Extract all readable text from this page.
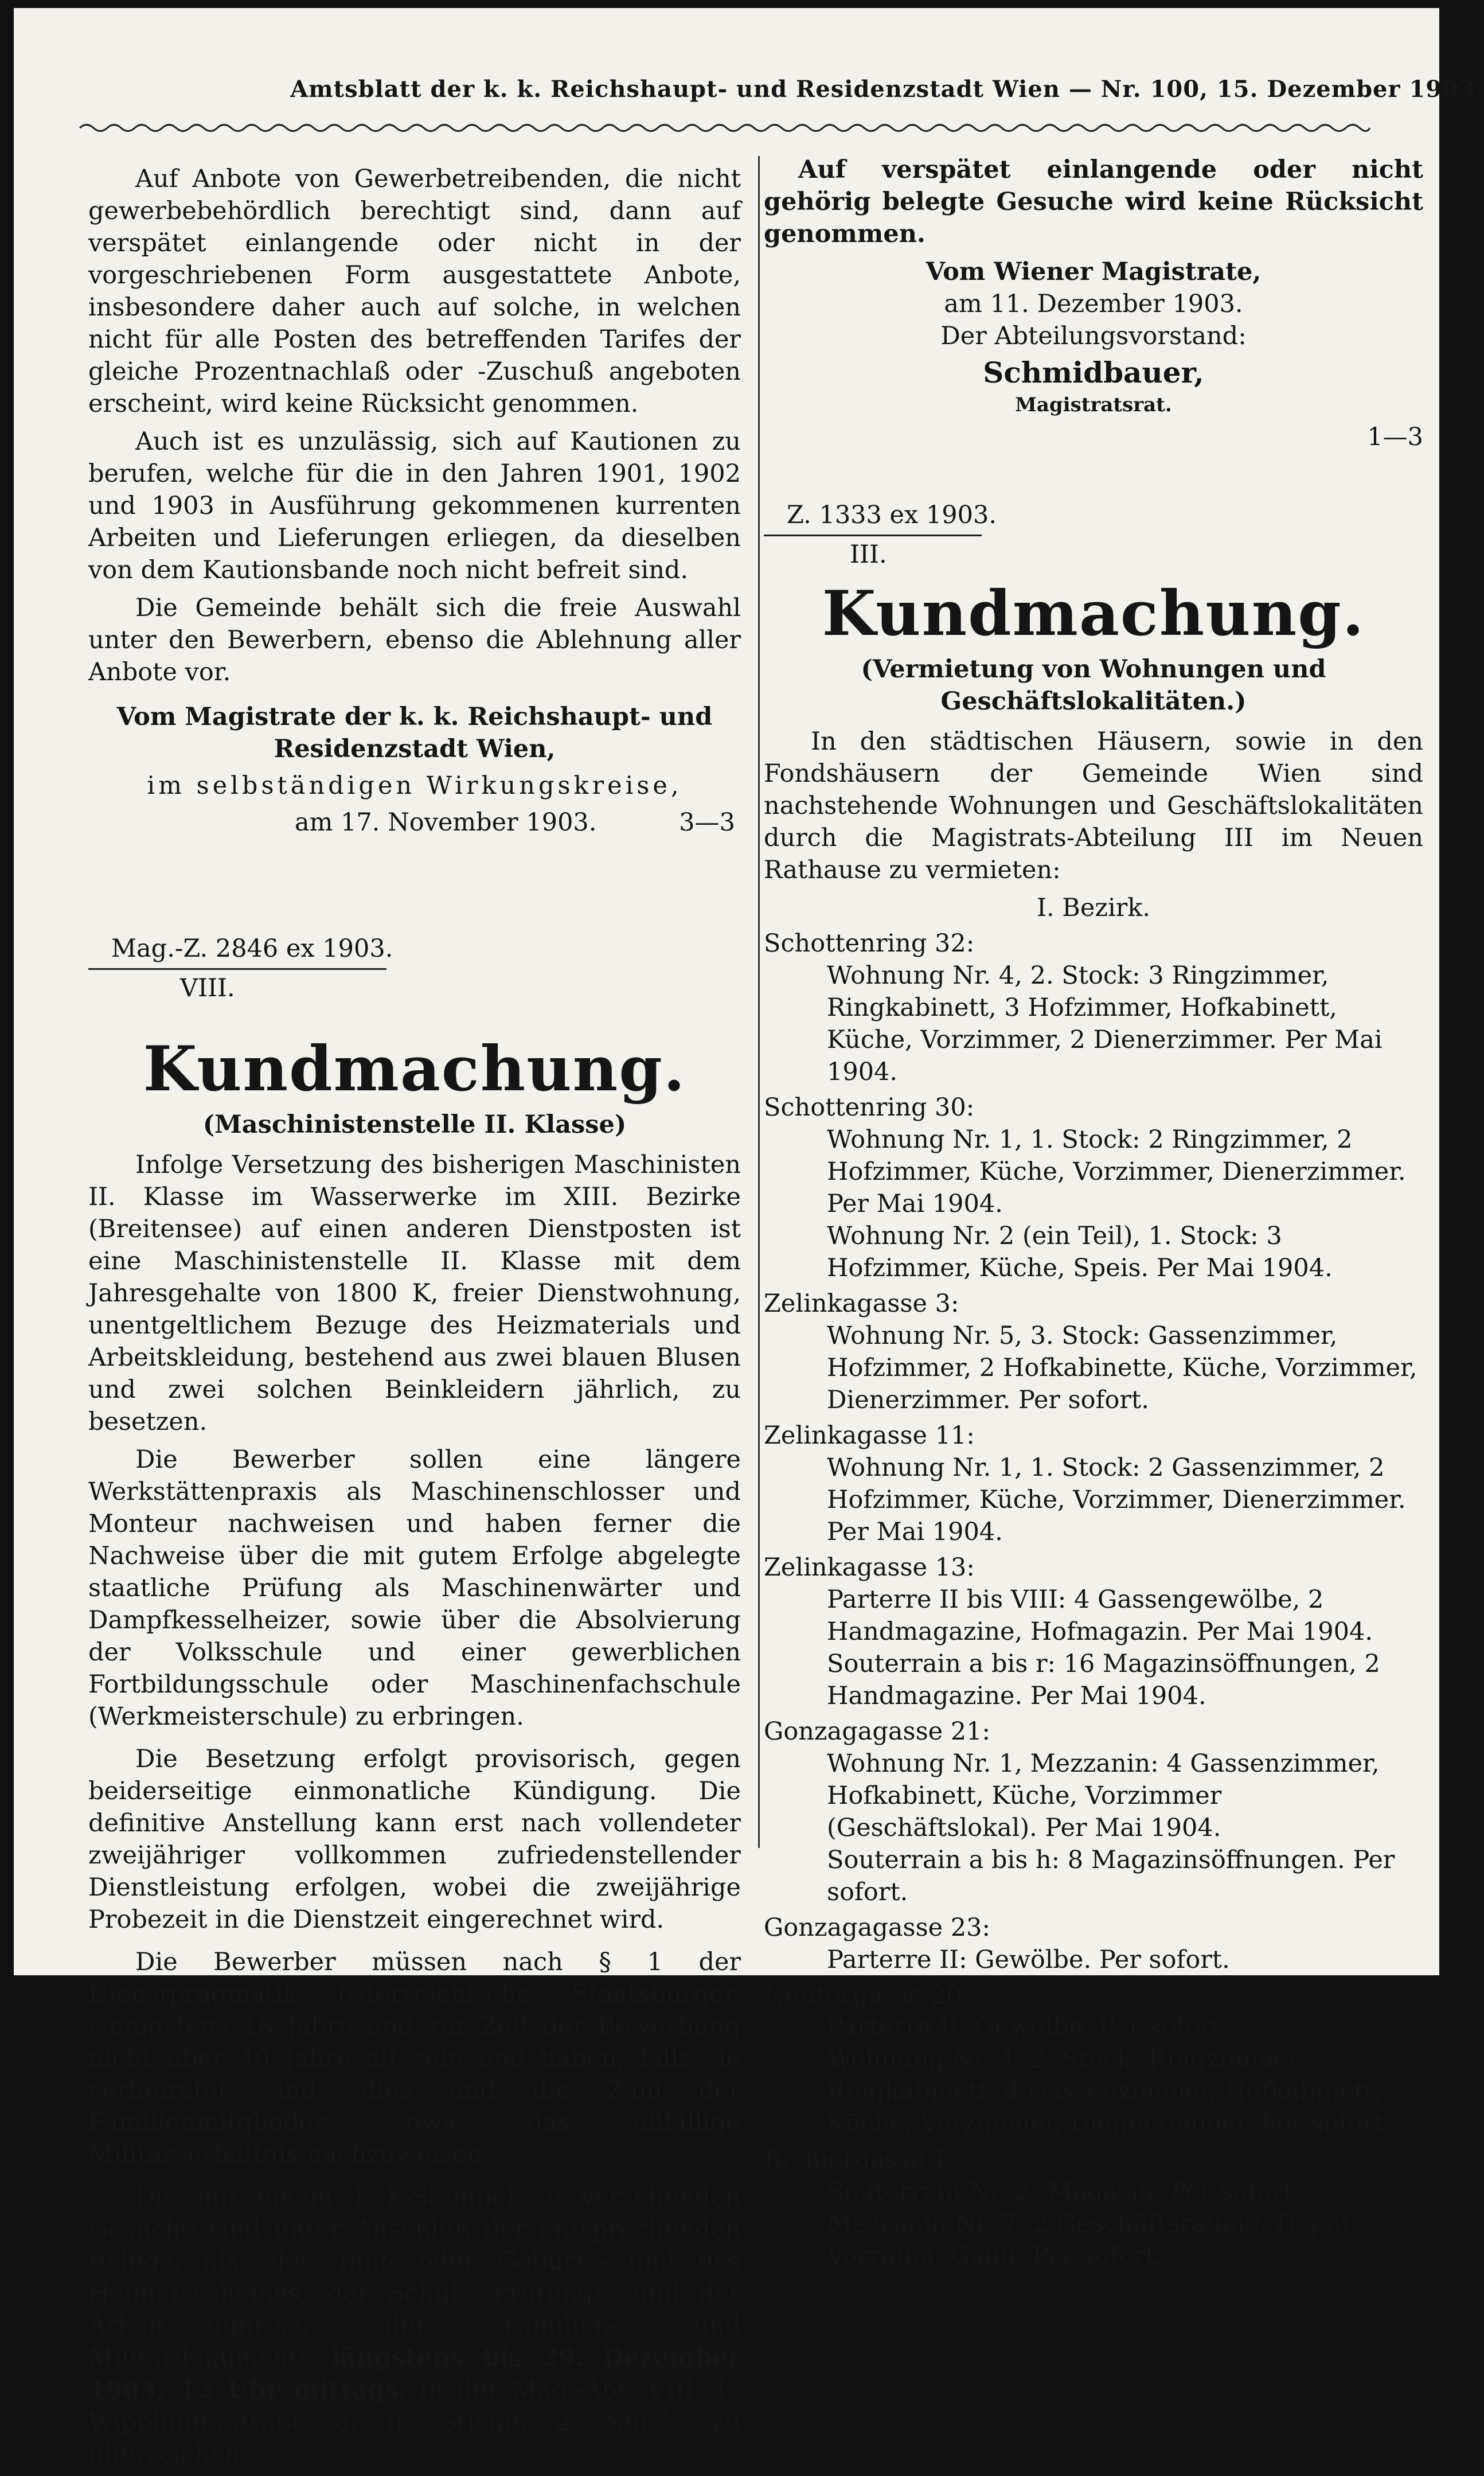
Amtsblatt der k. k. Reichshaupt- und Residenzstadt Wien — Nr. 100, 15. Dezember 1903.

Auf Anbote von Gewerbetreibenden, die nicht gewerbebehördlich berechtigt sind, dann auf verspätet einlangende oder nicht in der vorgeschriebenen Form ausgestattete Anbote, insbesondere daher auch auf solche, in welchen nicht für alle Posten des betreffenden Tarifes der gleiche Prozentnachlaß oder -Zuschuß angeboten erscheint, wird keine Rücksicht genommen.

Auch ist es unzulässig, sich auf Kautionen zu berufen, welche für die in den Jahren 1901, 1902 und 1903 in Ausführung gekommenen kurrenten Arbeiten und Lieferungen erliegen, da dieselben von dem Kautionsbande noch nicht befreit sind.

Die Gemeinde behält sich die freie Auswahl unter den Bewerbern, ebenso die Ablehnung aller Anbote vor.

Vom Magistrate der k. k. Reichshaupt- und Residenzstadt Wien,
im selbständigen Wirkungskreise,
am 17. November 1903.	3—3
Mag.-Z. 2846 ex 1903.
VIII.
Kundmachung.
(Maschinistenstelle II. Klasse)

Infolge Versetzung des bisherigen Maschinisten II. Klasse im Wasserwerke im XIII. Bezirke (Breitensee) auf einen anderen Dienstposten ist eine Maschinistenstelle II. Klasse mit dem Jahresgehalte von 1800 K, freier Dienstwohnung, unentgeltlichem Bezuge des Heizmaterials und Arbeitskleidung, bestehend aus zwei blauen Blusen und zwei solchen Beinkleidern jährlich, zu besetzen.

Die Bewerber sollen eine längere Werkstättenpraxis als Maschinenschlosser und Monteur nachweisen und haben ferner die Nachweise über die mit gutem Erfolge abgelegte staatliche Prüfung als Maschinenwärter und Dampfkesselheizer, sowie über die Absolvierung der Volksschule und einer gewerblichen Fortbildungsschule oder Maschinenfachschule (Werkmeisterschule) zu erbringen.

Die Besetzung erfolgt provisorisch, gegen beiderseitige einmonatliche Kündigung. Die definitive Anstellung kann erst nach vollendeter zweijähriger vollkommen zufriedenstellender Dienstleistung erfolgen, wobei die zweijährige Probezeit in die Dienstzeit eingerechnet wird.

Die Bewerber müssen nach § 1 der Dienstpragmatik österreichische Staatsbürger, wenigstens 18 Jahre und zur Zeit der Bewerbung nicht über 40 Jahre alt sein und haben, falls sie verheiratet sind, dies und die Zahl der Familienmitglieder, sowie das allfällige Militärverhältnis nachzuweisen.

Die mit einem 1 K-Stempel zu versehenden Gesuche sind unter Anschluß der entsprechenden Belege, als: des Tauf- oder Geburts- und des Heimatsscheines, der Schul-, Prüfungs- und der Arbeitszeugnisse, der Familien- und Militärdokumente längstens bis 29. Dezember 1903, 12 Uhr mittags, in der Mag.-Abt. VIII, I., Wipplingerstraße 8, II. Stiege, 2. Stock, zu überreichen.

Auf verspätet einlangende oder nicht gehörig belegte Gesuche wird keine Rücksicht genommen.

Vom Wiener Magistrate,
am 11. Dezember 1903.
Der Abteilungsvorstand:
Schmidbauer,
Magistratsrat.
1—3
Z. 1333 ex 1903.
III.
Kundmachung.
(Vermietung von Wohnungen und Geschäftslokalitäten.)

In den städtischen Häusern, sowie in den Fondshäusern der Gemeinde Wien sind nachstehende Wohnungen und Geschäftslokalitäten durch die Magistrats-Abteilung III im Neuen Rathause zu vermieten:

I. Bezirk.
Schottenring 32:
Wohnung Nr. 4, 2. Stock: 3 Ringzimmer, Ringkabinett, 3 Hofzimmer, Hofkabinett, Küche, Vorzimmer, 2 Dienerzimmer. Per Mai 1904.
Schottenring 30:
Wohnung Nr. 1, 1. Stock: 2 Ringzimmer, 2 Hofzimmer, Küche, Vorzimmer, Dienerzimmer. Per Mai 1904.
Wohnung Nr. 2 (ein Teil), 1. Stock: 3 Hofzimmer, Küche, Speis. Per Mai 1904.
Zelinkagasse 3:
Wohnung Nr. 5, 3. Stock: Gassenzimmer, Hofzimmer, 2 Hofkabinette, Küche, Vorzimmer, Dienerzimmer. Per sofort.
Zelinkagasse 11:
Wohnung Nr. 1, 1. Stock: 2 Gassenzimmer, 2 Hofzimmer, Küche, Vorzimmer, Dienerzimmer. Per Mai 1904.
Zelinkagasse 13:
Parterre II bis VIII: 4 Gassengewölbe, 2 Handmagazine, Hofmagazin. Per Mai 1904.
Souterrain a bis r: 16 Magazinsöffnungen, 2 Handmagazine. Per Mai 1904.
Gonzagagasse 21:
Wohnung Nr. 1, Mezzanin: 4 Gassenzimmer, Hofkabinett, Küche, Vorzimmer (Geschäftslokal). Per Mai 1904.
Souterrain a bis h: 8 Magazinsöffnungen. Per sofort.
Gonzagagasse 23:
Parterre II: Gewölbe. Per sofort.
Neutorgasse 20:
Parterre II: Gewölbe. Per sofort.
Wohnung Nr. 4, 2. Stock: Ringzimmer, Ringkabinett, 4 Gassenzimmer, Hofkabinett, Küche, Vorzimmer, Dienerzimmer. Per sofort.
Riemergasse 1:
Souterrain Nr. 2: Magazin. Per sofort.
Mezzanin Nr. 7: 2 Geschäftsräume, Depot, Vorraum, Gang. Per sofort.
